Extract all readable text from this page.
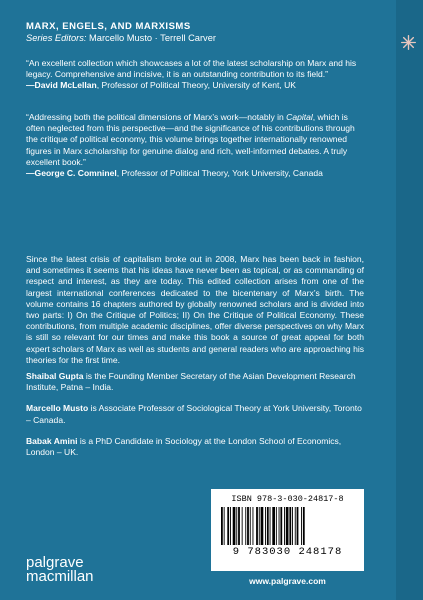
MARX, ENGELS, AND MARXISMS
Series Editors: Marcello Musto · Terrell Carver

“An excellent collection which showcases a lot of the latest scholarship on Marx and his legacy. Comprehensive and incisive, it is an outstanding contribution to its field.”

—David McLellan, Professor of Political Theory, University of Kent, UK

“Addressing both the political dimensions of Marx’s work—notably in Capital, which is often neglected from this perspective—and the significance of his contributions through the critique of political economy, this volume brings together internationally renowned figures in Marx scholarship for genuine dialog and rich, well-informed debates. A truly excellent book.”

—George C. Comninel, Professor of Political Theory, York University, Canada

Since the latest crisis of capitalism broke out in 2008, Marx has been back in fashion, and sometimes it seems that his ideas have never been as topical, or as commanding of respect and interest, as they are today. This edited collection arises from one of the largest international conferences dedicated to the bicentenary of Marx’s birth. The volume contains 16 chapters authored by globally renowned scholars and is divided into two parts: I) On the Critique of Politics; II) On the Critique of Political Economy. These contributions, from multiple academic disciplines, offer diverse perspectives on why Marx is still so relevant for our times and make this book a source of great appeal for both expert scholars of Marx as well as students and general readers who are approaching his theories for the first time.

Shaibal Gupta is the Founding Member Secretary of the Asian Development Research Institute, Patna – India.

Marcello Musto is Associate Professor of Sociological Theory at York University, Toronto – Canada.

Babak Amini is a PhD Candidate in Sociology at the London School of Economics, London – UK.

ISBN 978-3-030-24817-8
9 783030 248178
www.palgrave.com
palgrave
macmillan
